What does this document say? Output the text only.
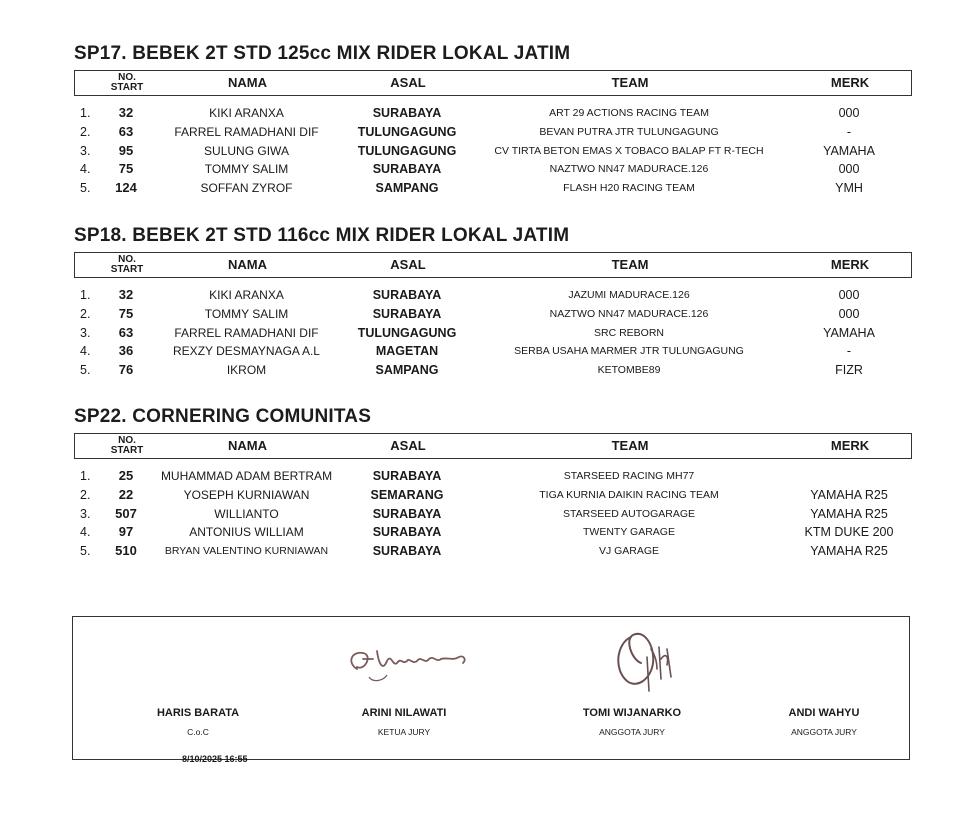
SP17. BEBEK 2T STD 125cc MIX RIDER LOKAL JATIM
NO.
START	NAMA	ASAL	TEAM	MERK
1.	32	KIKI ARANXA	SURABAYA	ART 29 ACTIONS RACING TEAM	000
2.	63	FARREL RAMADHANI DIF	TULUNGAGUNG	BEVAN PUTRA JTR TULUNGAGUNG	-
3.	95	SULUNG GIWA	TULUNGAGUNG	CV TIRTA BETON EMAS X TOBACO BALAP FT R-TECH	YAMAHA
4.	75	TOMMY SALIM	SURABAYA	NAZTWO NN47 MADURACE.126	000
5.	124	SOFFAN ZYROF	SAMPANG	FLASH H20 RACING TEAM	YMH
SP18. BEBEK 2T STD 116cc MIX RIDER LOKAL JATIM
NO.
START	NAMA	ASAL	TEAM	MERK
1.	32	KIKI ARANXA	SURABAYA	JAZUMI MADURACE.126	000
2.	75	TOMMY SALIM	SURABAYA	NAZTWO NN47 MADURACE.126	000
3.	63	FARREL RAMADHANI DIF	TULUNGAGUNG	SRC REBORN	YAMAHA
4.	36	REXZY DESMAYNAGA A.L	MAGETAN	SERBA USAHA MARMER JTR TULUNGAGUNG	-
5.	76	IKROM	SAMPANG	KETOMBE89	FIZR
SP22. CORNERING COMUNITAS
NO.
START	NAMA	ASAL	TEAM	MERK
1.	25	MUHAMMAD ADAM BERTRAM	SURABAYA	STARSEED RACING MH77
2.	22	YOSEPH KURNIAWAN	SEMARANG	TIGA KURNIA DAIKIN RACING TEAM	YAMAHA R25
3.	507	WILLIANTO	SURABAYA	STARSEED AUTOGARAGE	YAMAHA R25
4.	97	ANTONIUS WILLIAM	SURABAYA	TWENTY GARAGE	KTM DUKE 200
5.	510	BRYAN VALENTINO KURNIAWAN	SURABAYA	VJ GARAGE	YAMAHA R25
HARIS BARATA
C.o.C
ARINI NILAWATI
KETUA JURY
TOMI WIJANARKO
ANGGOTA JURY
ANDI WAHYU
ANGGOTA JURY
8/10/2025 16:55
